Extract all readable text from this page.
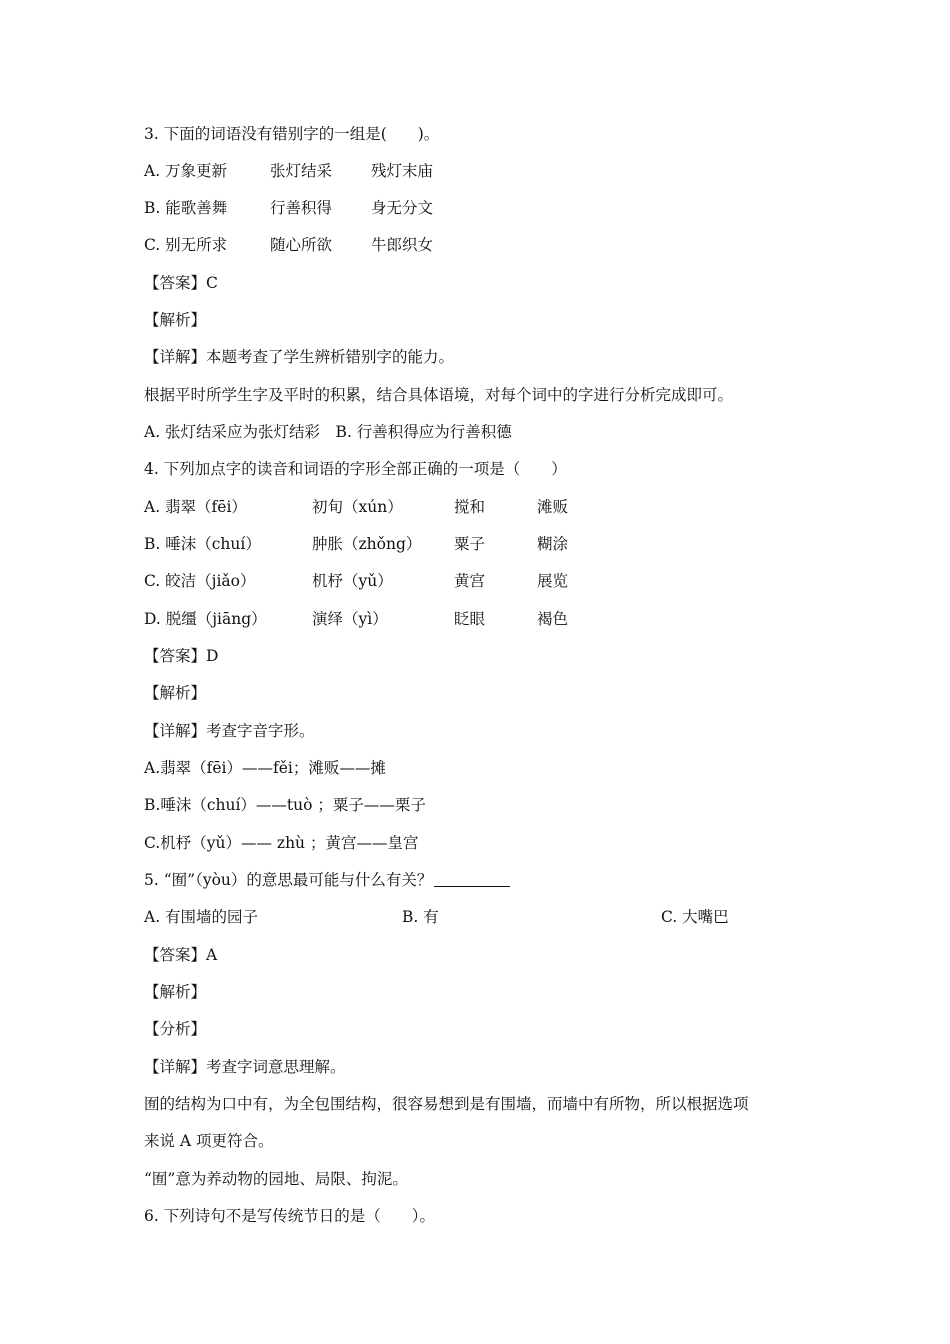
3. 下面的词语没有错别字的一组是(　　)。

A. 万象更新

	张灯结采

	残灯末庙

B. 能歌善舞

	行善积得

	身无分文

C. 别无所求

	随心所欲

	牛郎织女

【答案】C
【解析】
【详解】本题考查了学生辨析错别字的能力。
根据平时所学生字及平时的积累，结合具体语境，对每个词中的字进行分析完成即可。
A. 张灯结采应为张灯结彩　B. 行善积得应为行善积德
4. 下列加点字的读音和词语的字形全部正确的一项是（　　）

A. 翡翠（fēi）

	初旬（xún）

	搅和

	滩贩

B. 唾沫（chuí）

	肿胀（zhǒng）

粟子

	糊涂

C. 皎洁（jiǎo）

	机杼（yǔ）

	黄宫

	展览

D. 脱缰（jiāng）

	演绎（yì）

	眨眼

	褐色

【答案】D
【解析】
【详解】考查字音字形。
A.翡翠（fēi）——fěi；滩贩——摊
B.唾沫（chuí）——tuò ；粟子——栗子
C.机杼（yǔ）—— zhù ；黄宫——皇宫
5. “囿”（yòu）的意思最可能与什么有关？

A. 有围墙的园子

	B. 有

	C. 大嘴巴

【答案】A
【解析】
【分析】
【详解】考查字词意思理解。
囿的结构为口中有，为全包围结构，很容易想到是有围墙，而墙中有所物，所以根据选项
来说 A 项更符合。
“囿”意为养动物的园地、局限、拘泥。
6. 下列诗句不是写传统节日的是（　　）。
